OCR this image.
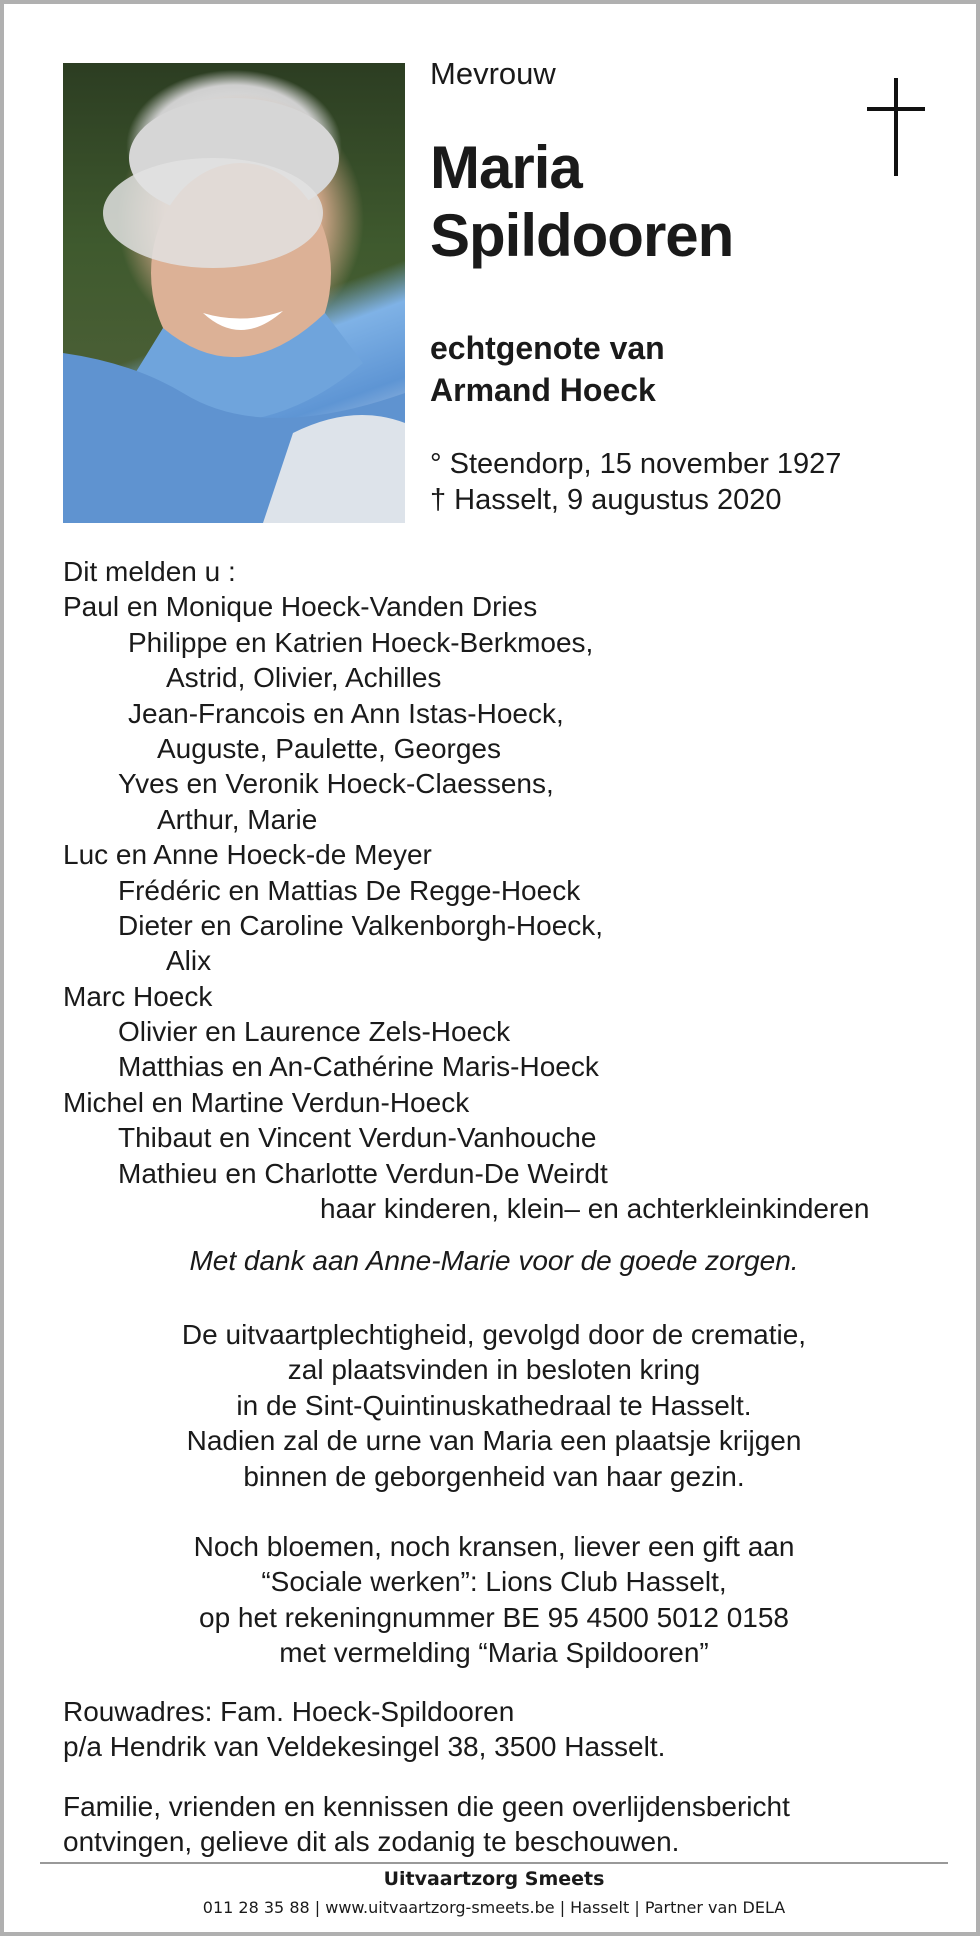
Mevrouw
Maria
Spildooren
echtgenote van
Armand Hoeck
° Steendorp, 15 november 1927
† Hasselt, 9 augustus 2020
Dit melden u :
Paul en Monique Hoeck-Vanden Dries
Philippe en Katrien Hoeck-Berkmoes,
Astrid, Olivier, Achilles
Jean-Francois en Ann Istas-Hoeck,
Auguste, Paulette, Georges
Yves en Veronik Hoeck-Claessens,
Arthur, Marie
Luc en Anne Hoeck-de Meyer
Frédéric en Mattias De Regge-Hoeck
Dieter en Caroline Valkenborgh-Hoeck,
Alix
Marc Hoeck
Olivier en Laurence Zels-Hoeck
Matthias en An-Cathérine Maris-Hoeck
Michel en Martine Verdun-Hoeck
Thibaut en Vincent Verdun-Vanhouche
Mathieu en Charlotte Verdun-De Weirdt
haar kinderen, klein– en achterkleinkinderen
Met dank aan Anne-Marie voor de goede zorgen.
De uitvaartplechtigheid, gevolgd door de crematie,
zal plaatsvinden in besloten kring
in de Sint-Quintinuskathedraal te Hasselt.
Nadien zal de urne van Maria een plaatsje krijgen
binnen de geborgenheid van haar gezin.
Noch bloemen, noch kransen, liever een gift aan
“Sociale werken”: Lions Club Hasselt,
op het rekeningnummer BE 95 4500 5012 0158
met vermelding “Maria Spildooren”
Rouwadres: Fam. Hoeck-Spildooren
p/a Hendrik van Veldekesingel 38, 3500 Hasselt.
Familie, vrienden en kennissen die geen overlijdensbericht
ontvingen, gelieve dit als zodanig te beschouwen.
Uitvaartzorg Smeets
011 28 35 88 | www.uitvaartzorg-smeets.be | Hasselt | Partner van DELA
